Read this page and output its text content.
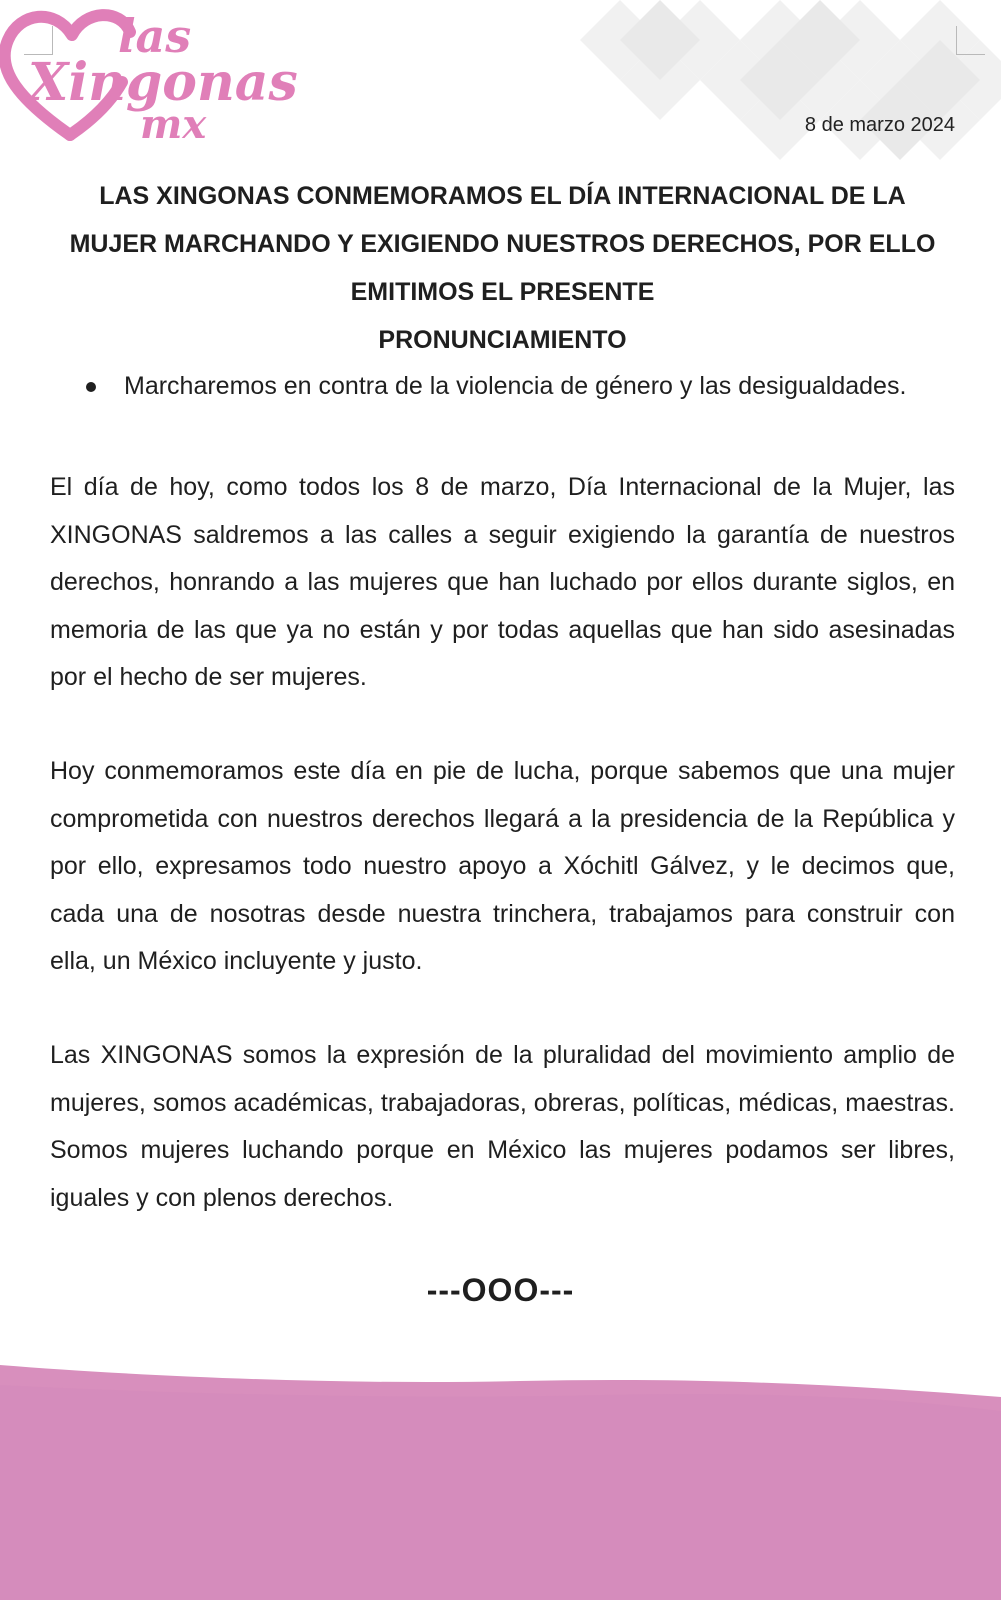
las
Xingonas
mx	8 de marzo 2024

LAS XINGONAS CONMEMORAMOS EL DÍA INTERNACIONAL DE LA

MUJER MARCHANDO Y EXIGIENDO NUESTROS DERECHOS, POR ELLO

EMITIMOS EL PRESENTE

PRONUNCIAMIENTO

Marcharemos en contra de la violencia de género y las desigualdades.

El día de hoy, como todos los 8 de marzo, Día Internacional de la Mujer, las XINGONAS saldremos a las calles a seguir exigiendo la garantía de nuestros derechos, honrando a las mujeres que han luchado por ellos durante siglos, en memoria de las que ya no están y por todas aquellas que han sido asesinadas por el hecho de ser mujeres.

Hoy conmemoramos este día en pie de lucha, porque sabemos que una mujer comprometida con nuestros derechos llegará a la presidencia de la República y por ello, expresamos todo nuestro apoyo a Xóchitl Gálvez, y le decimos que, cada una de nosotras desde nuestra trinchera, trabajamos para construir con ella, un México incluyente y justo.

Las XINGONAS somos la expresión de la pluralidad del movimiento amplio de mujeres, somos académicas, trabajadoras, obreras, políticas, médicas, maestras. Somos mujeres luchando porque en México las mujeres podamos ser libres, iguales y con plenos derechos.

---OOO---
